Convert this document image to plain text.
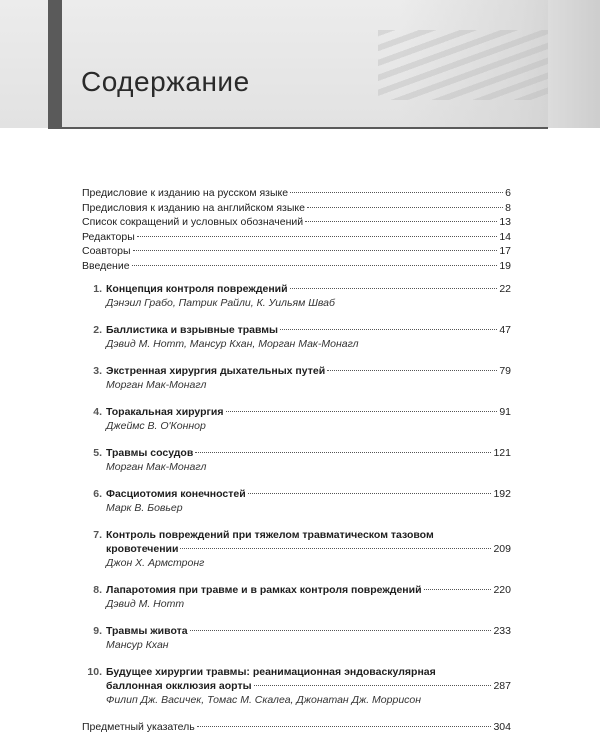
Содержание
Предисловие к изданию на русском языке	6
Предисловия к изданию на английском языке	8
Список сокращений и условных обозначений	13
Редакторы	14
Соавторы	17
Введение	19
1. Концепция контроля повреждений	22
Дэнэил Грабо, Патрик Райли, К. Уильям Шваб
2. Баллистика и взрывные травмы	47
Дэвид М. Нотт, Мансур Кхан, Морган Мак-Монагл
3. Экстренная хирургия дыхательных путей	79
Морган Мак-Монагл
4. Торакальная хирургия	91
Джеймс В. О'Коннор
5. Травмы сосудов	121
Морган Мак-Монагл
6. Фасциотомия конечностей	192
Марк В. Бовьер
7. Контроль повреждений при тяжелом травматическом тазовом
кровотечении	209
Джон Х. Армстронг
8. Лапаротомия при травме и в рамках контроля повреждений	220
Дэвид М. Нотт
9. Травмы живота	233
Мансур Кхан
10. Будущее хирургии травмы: реанимационная эндоваскулярная
баллонная окклюзия аорты	287
Филип Дж. Васичек, Томас М. Скалеа, Джонатан Дж. Моррисон
Предметный указатель	304
